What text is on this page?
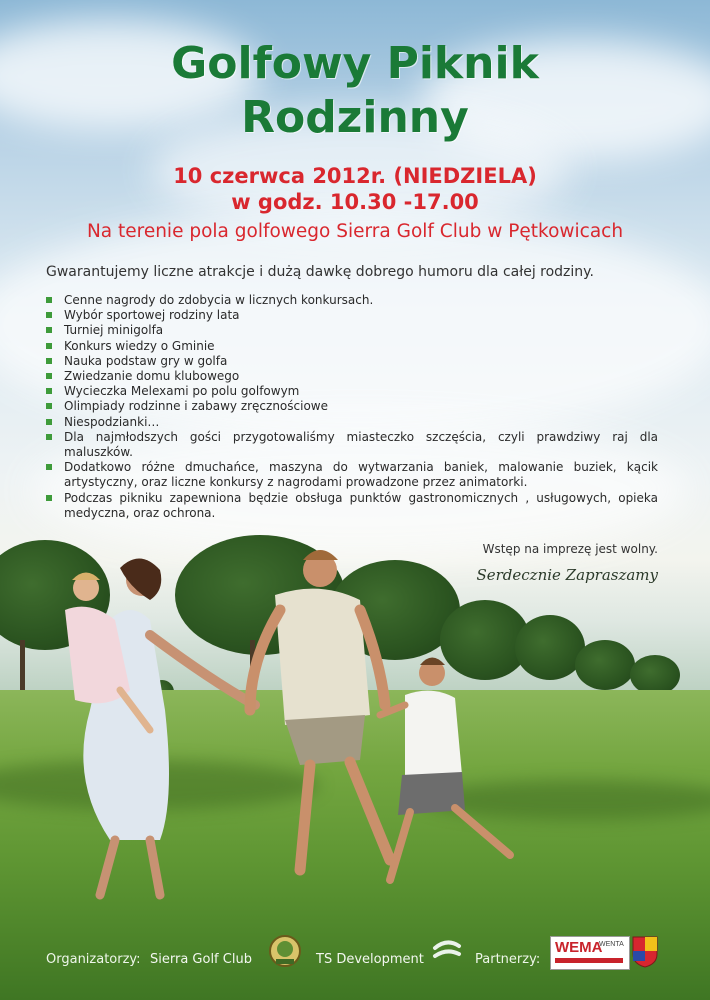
Golfowy Piknik
Rodzinny
10 czerwca 2012r. (NIEDZIELA)
w godz. 10.30 -17.00
Na terenie pola golfowego Sierra Golf Club w Pętkowicach
Gwarantujemy liczne atrakcje i dużą dawkę dobrego humoru dla całej rodziny.
Cenne nagrody do zdobycia w licznych konkursach.
Wybór sportowej rodziny lata
Turniej minigolfa
Konkurs wiedzy o Gminie
Nauka podstaw gry w golfa
Zwiedzanie domu klubowego
Wycieczka Melexami po polu golfowym
Olimpiady rodzinne i zabawy zręcznościowe
Niespodzianki…
Dla najmłodszych gości przygotowaliśmy miasteczko szczęścia, czyli prawdziwy raj dla maluszków.
Dodatkowo różne dmuchańce, maszyna do wytwarzania baniek, malowanie buziek, kącik artystyczny, oraz liczne konkursy z nagrodami prowadzone przez animatorki.
Podczas pikniku zapewniona będzie obsługa punktów gastronomicznych , usługowych, opieka medyczna, oraz ochrona.
Wstęp na imprezę jest wolny.
Serdecznie Zapraszamy
Organizatorzy: Sierra Golf Club	TS Development	Partnerzy:
WEMA
WENTA
